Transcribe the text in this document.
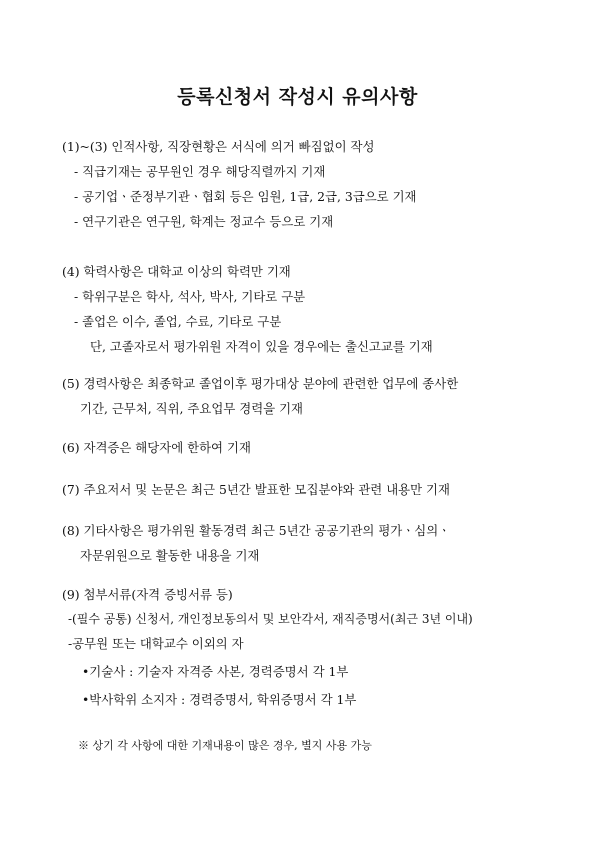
등록신청서 작성시 유의사항
(1)~(3) 인적사항, 직장현황은 서식에 의거 빠짐없이 작성
- 직급기재는 공무원인 경우 해당직렬까지 기재
- 공기업ㆍ준정부기관ㆍ협회 등은 임원, 1급, 2급, 3급으로 기재
- 연구기관은 연구원, 학계는 정교수 등으로 기재
(4) 학력사항은 대학교 이상의 학력만 기재
- 학위구분은 학사, 석사, 박사, 기타로 구분
- 졸업은 이수, 졸업, 수료, 기타로 구분
단, 고졸자로서 평가위원 자격이 있을 경우에는 출신고교를 기재
(5) 경력사항은 최종학교 졸업이후 평가대상 분야에 관련한 업무에 종사한
기간, 근무처, 직위, 주요업무 경력을 기재
(6) 자격증은 해당자에 한하여 기재
(7) 주요저서 및 논문은 최근 5년간 발표한 모집분야와 관련 내용만 기재
(8) 기타사항은 평가위원 활동경력 최근 5년간 공공기관의 평가ㆍ심의ㆍ
자문위원으로 활동한 내용을 기재
(9) 첨부서류(자격 증빙서류 등)
-(필수 공통) 신청서, 개인정보동의서 및 보안각서, 재직증명서(최근 3년 이내)
-공무원 또는 대학교수 이외의 자
•기술사 : 기술자 자격증 사본, 경력증명서 각 1부
•박사학위 소지자 : 경력증명서, 학위증명서 각 1부
※ 상기 각 사항에 대한 기재내용이 많은 경우, 별지 사용 가능
